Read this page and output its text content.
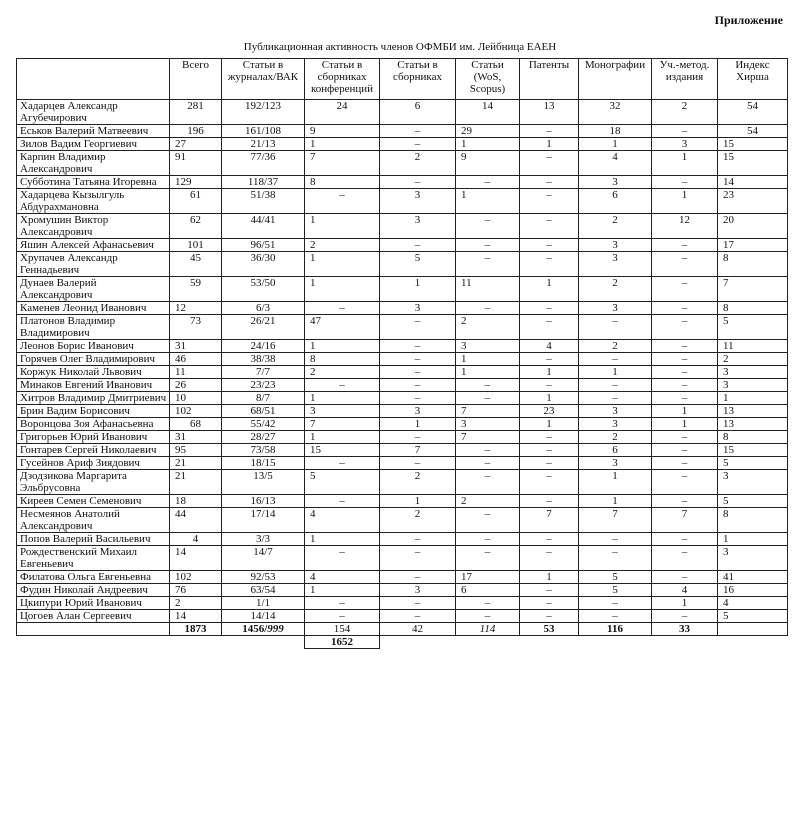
Приложение

Публикационная активность членов ОФМБИ им. Лейбница ЕАЕН
	Всего	Статьи в журналах/ВАК	Статьи в сборниках конференций	Статьи в сборниках	Статьи (WoS, Scopus)	Патенты	Монографии	Уч.-метод. издания	Индекс Хирша
Хадарцев Александр Агубечирович	281	192/123	24	6	14	13	32	2	54
Еськов Валерий Матвеевич	196	161/108	9	–	29	–	18	–	54
Зилов Вадим Георгиевич	27	21/13	1	–	1	1	1	3	15
Карпин Владимир Александрович	91	77/36	7	2	9	–	4	1	15
Субботина Татьяна Игоревна	129	118/37	8	–	–	–	3	–	14
Хадарцева Кызылгуль Абдурахмановна	61	51/38	–	3	1	–	6	1	23
Хромушин Виктор Александрович	62	44/41	1	3	–	–	2	12	20
Яшин Алексей Афанасьевич	101	96/51	2	–	–	–	3	–	17
Хрупачев Александр Геннадьевич	45	36/30	1	5	–	–	3	–	8
Дунаев Валерий Александрович	59	53/50	1	1	11	1	2	–	7
Каменев Леонид Иванович	12	6/3	–	3	–	–	3	–	8
Платонов Владимир Владимирович	73	26/21	47	–	2	–	–	–	5
Леонов Борис Иванович	31	24/16	1	–	3	4	2	–	11
Горячев Олег Владимирович	46	38/38	8	–	1	–	–	–	2
Коржук Николай Львович	11	7/7	2	–	1	1	1	–	3
Минаков Евгений Иванович	26	23/23	–	–	–	–	–	–	3
Хитров Владимир Дмитриевич	10	8/7	1	–	–	1	–	–	1
Брин Вадим Борисович	102	68/51	3	3	7	23	3	1	13
Воронцова Зоя Афанасьевна	68	55/42	7	1	3	1	3	1	13
Григорьев Юрий Иванович	31	28/27	1	–	7	–	2	–	8
Гонтарев Сергей Николаевич	95	73/58	15	7	–	–	6	–	15
Гусейнов Ариф Зиядович	21	18/15	–	–	–	–	3	–	5
Дзодзикова Маргарита Эльбрусовна	21	13/5	5	2	–	–	1	–	3
Киреев Семен Семенович	18	16/13	–	1	2	–	1	–	5
Несмеянов Анатолий Александрович	44	17/14	4	2	–	7	7	7	8
Попов Валерий Васильевич	4	3/3	1	–	–	–	–	–	1
Рождественский Михаил Евгеньевич	14	14/7	–	–	–	–	–	–	3
Филатова Ольга Евгеньевна	102	92/53	4	–	17	1	5	–	41
Фудин Николай Андреевич	76	63/54	1	3	6	–	5	4	16
Цкипури Юрий Иванович	2	1/1	–	–	–	–	–	1	4
Цогоев Алан Сергеевич	14	14/14	–	–	–	–	–	–	5
	1873	1456/999	154	42	114	53	116	33	
			1652						
